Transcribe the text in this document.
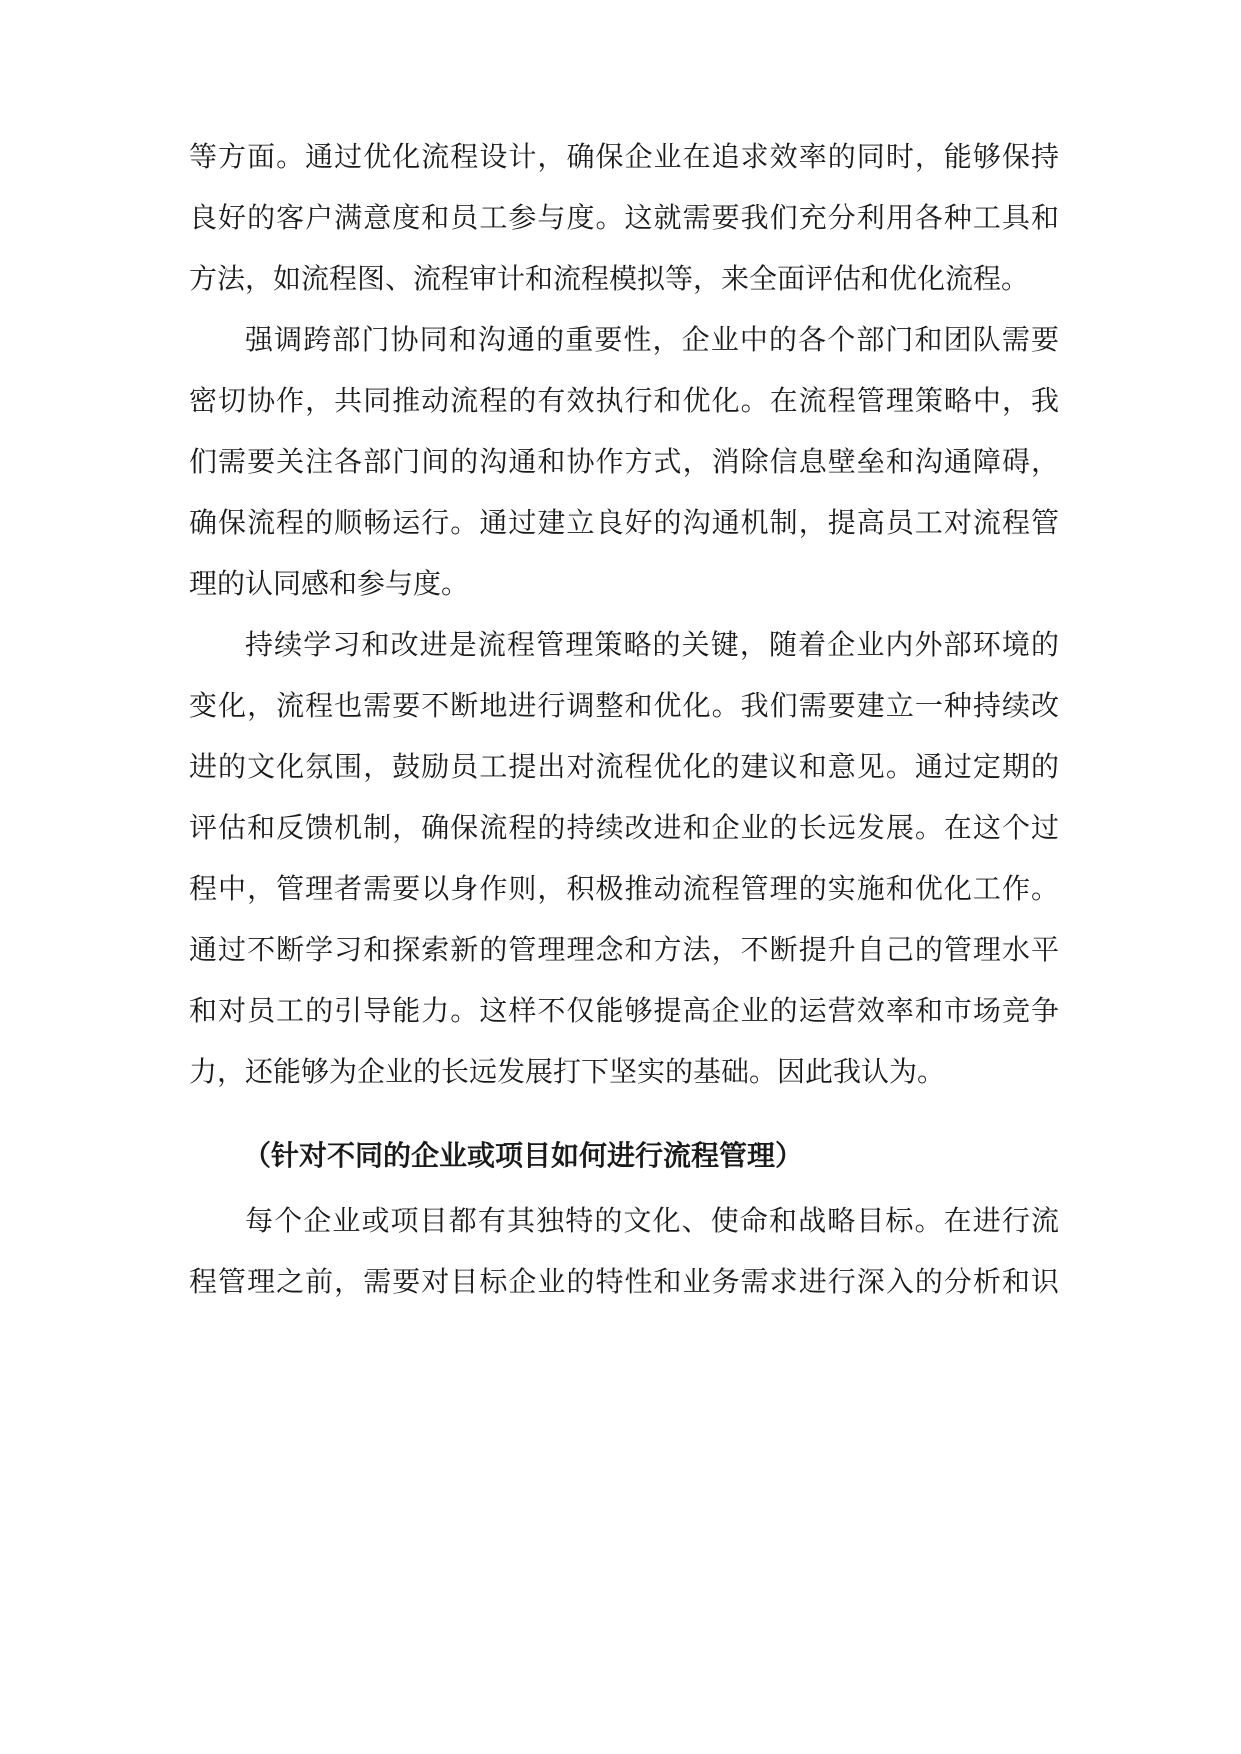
等方面。通过优化流程设计，确保企业在追求效率的同时，能够保持
良好的客户满意度和员工参与度。这就需要我们充分利用各种工具和
方法，如流程图、流程审计和流程模拟等，来全面评估和优化流程。
强调跨部门协同和沟通的重要性，企业中的各个部门和团队需要
密切协作，共同推动流程的有效执行和优化。在流程管理策略中，我
们需要关注各部门间的沟通和协作方式，消除信息壁垒和沟通障碍，
确保流程的顺畅运行。通过建立良好的沟通机制，提高员工对流程管
理的认同感和参与度。
持续学习和改进是流程管理策略的关键，随着企业内外部环境的
变化，流程也需要不断地进行调整和优化。我们需要建立一种持续改
进的文化氛围，鼓励员工提出对流程优化的建议和意见。通过定期的
评估和反馈机制，确保流程的持续改进和企业的长远发展。在这个过
程中，管理者需要以身作则，积极推动流程管理的实施和优化工作。
通过不断学习和探索新的管理理念和方法，不断提升自己的管理水平
和对员工的引导能力。这样不仅能够提高企业的运营效率和市场竞争
力，还能够为企业的长远发展打下坚实的基础。因此我认为。
（针对不同的企业或项目如何进行流程管理）
每个企业或项目都有其独特的文化、使命和战略目标。在进行流
程管理之前，需要对目标企业的特性和业务需求进行深入的分析和识
